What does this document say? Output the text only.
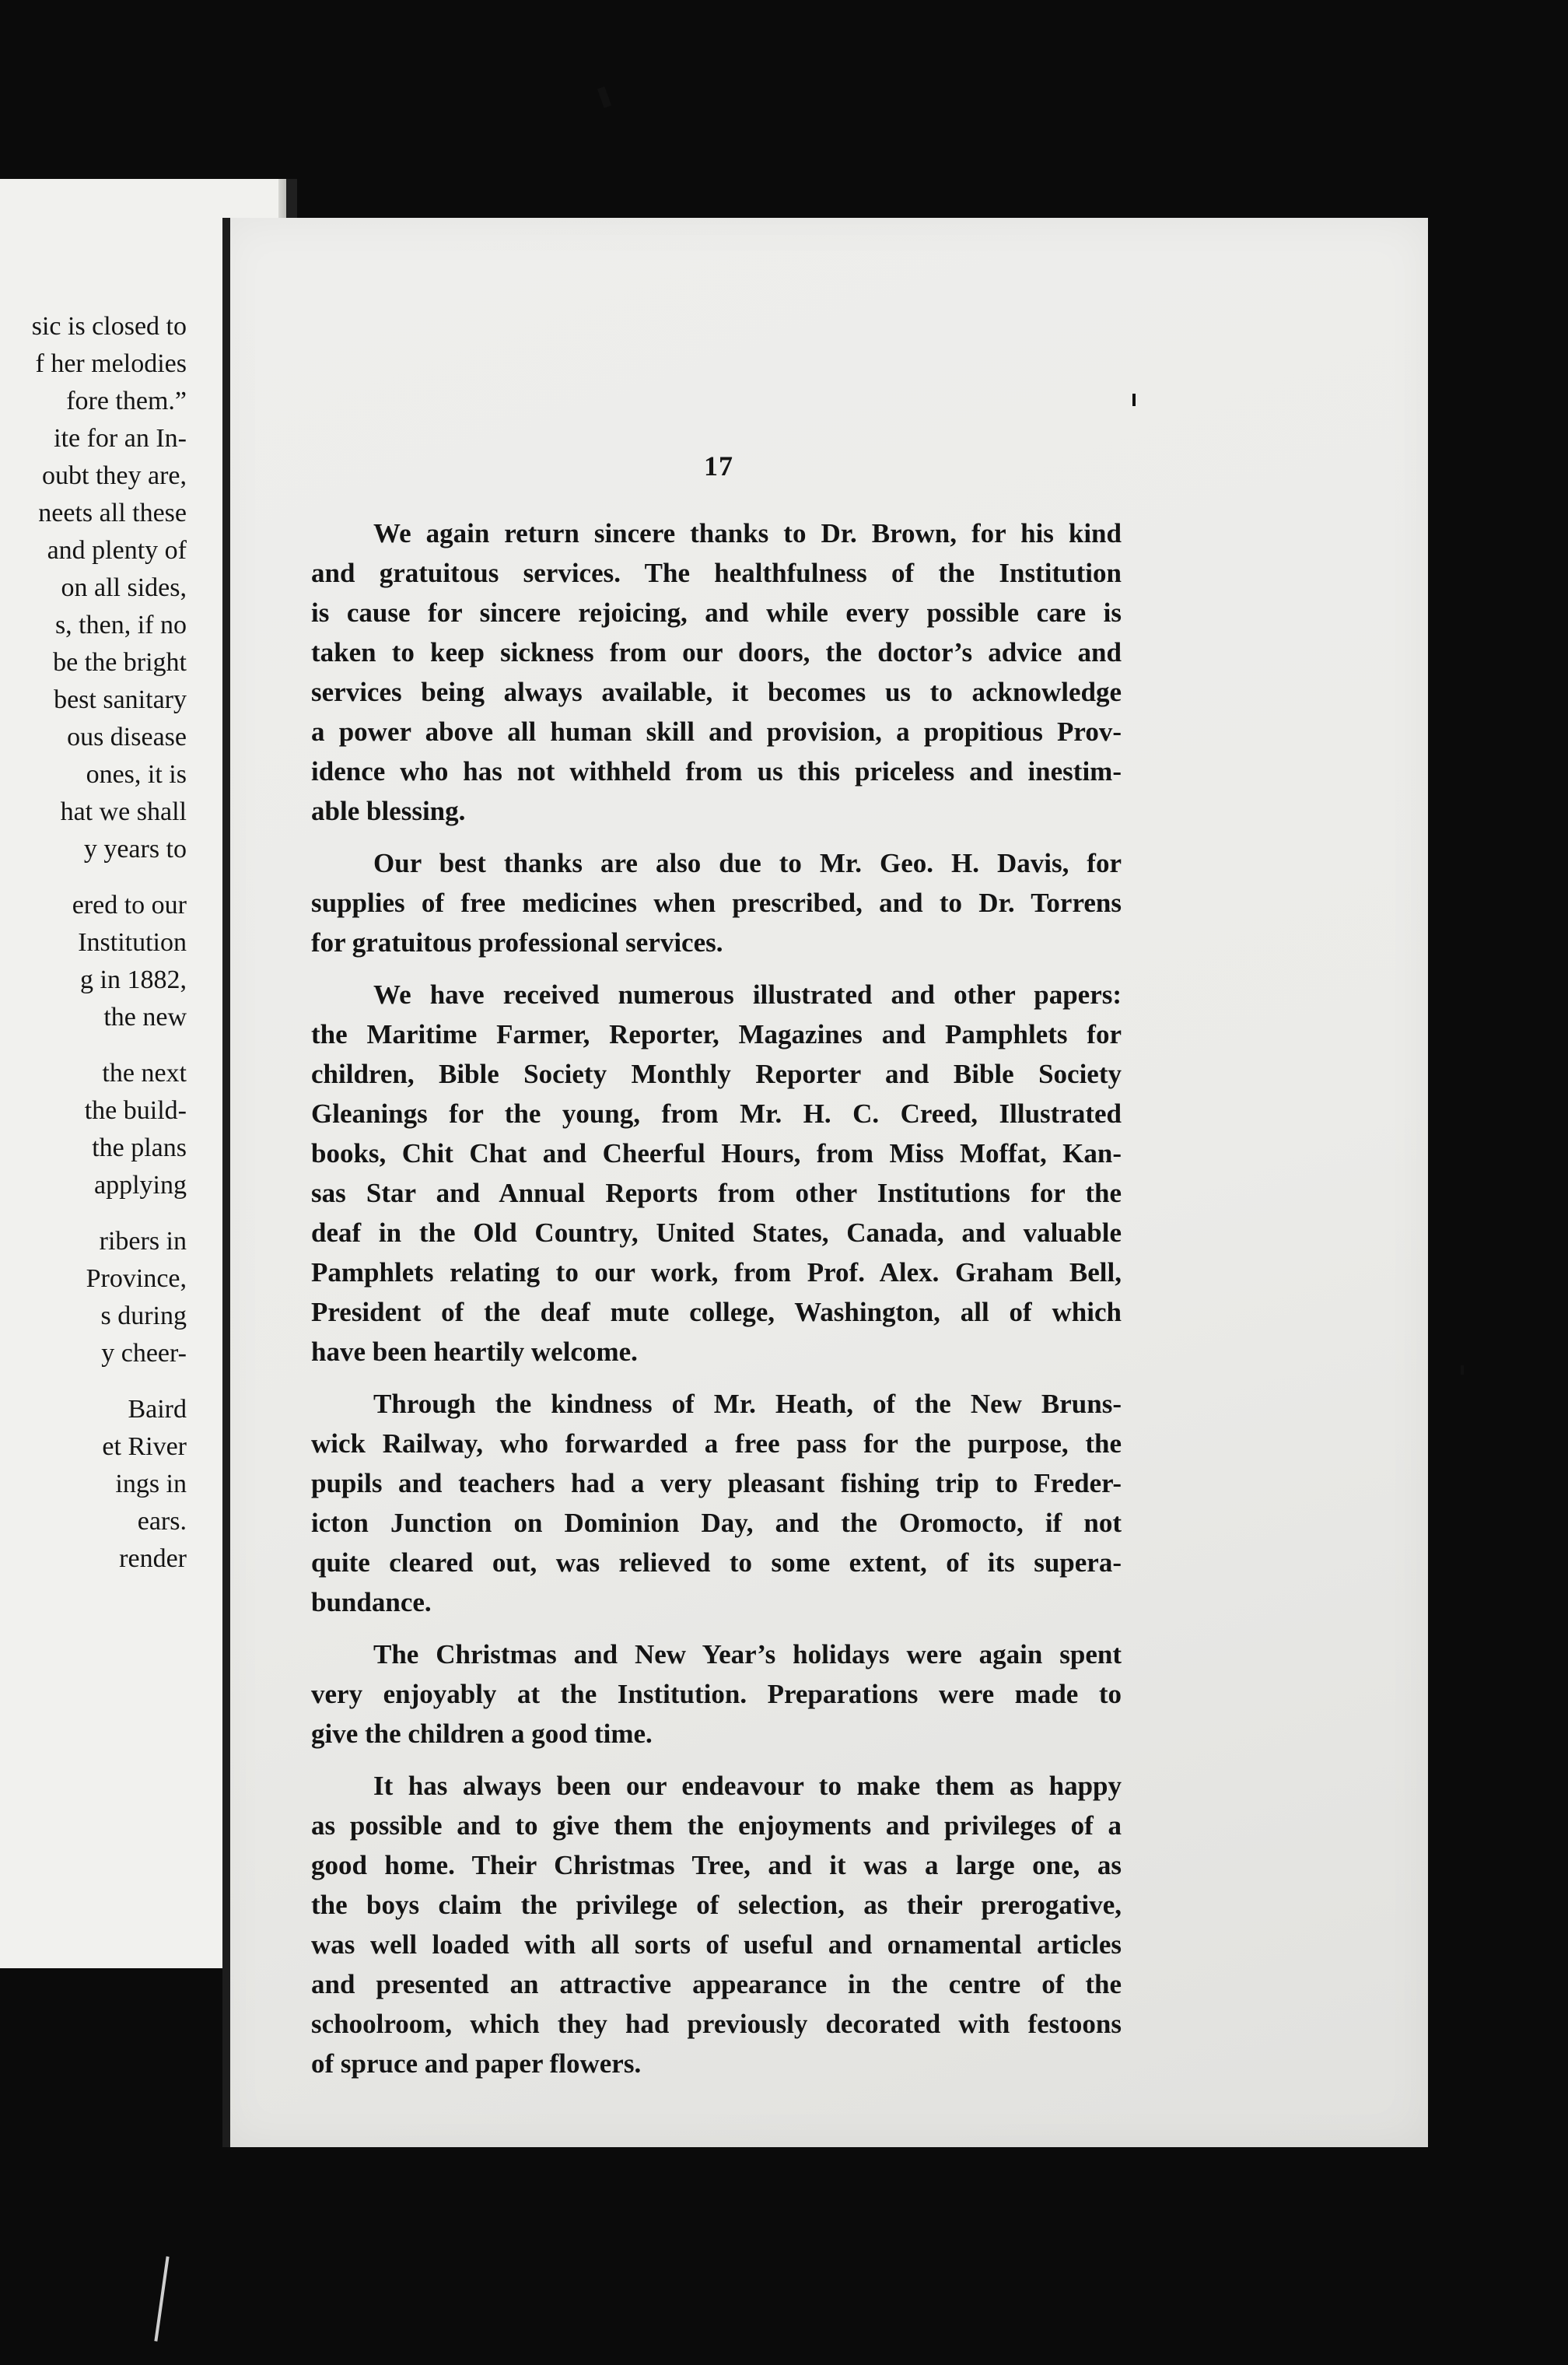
sic is closed to
f her melodies
fore them.”
ite for an In-
oubt they are,
neets all these
and plenty of
on all sides,
s, then, if no
be the bright
best sanitary
ous disease
ones, it is
hat we shall
y years to
ered to our
Institution
g in 1882,
the new
the next
the build-
the plans
applying
ribers in
Province,
s during
y cheer-
Baird
et River
ings in
ears.
render
17
We again return sincere thanks to Dr. Brown, for his kind
and gratuitous services. The healthfulness of the Institution
is cause for sincere rejoicing, and while every possible care is
taken to keep sickness from our doors, the doctor’s advice and
services being always available, it becomes us to acknowledge
a power above all human skill and provision, a propitious Prov-
idence who has not withheld from us this priceless and inestim-
able blessing.
Our best thanks are also due to Mr. Geo. H. Davis, for
supplies of free medicines when prescribed, and to Dr. Torrens
for gratuitous professional services.
We have received numerous illustrated and other papers:
the Maritime Farmer, Reporter, Magazines and Pamphlets for
children, Bible Society Monthly Reporter and Bible Society
Gleanings for the young, from Mr. H. C. Creed, Illustrated
books, Chit Chat and Cheerful Hours, from Miss Moffat, Kan-
sas Star and Annual Reports from other Institutions for the
deaf in the Old Country, United States, Canada, and valuable
Pamphlets relating to our work, from Prof. Alex. Graham Bell,
President of the deaf mute college, Washington, all of which
have been heartily welcome.
Through the kindness of Mr. Heath, of the New Bruns-
wick Railway, who forwarded a free pass for the purpose, the
pupils and teachers had a very pleasant fishing trip to Freder-
icton Junction on Dominion Day, and the Oromocto, if not
quite cleared out, was relieved to some extent, of its supera-
bundance.
The Christmas and New Year’s holidays were again spent
very enjoyably at the Institution. Preparations were made to
give the children a good time.
It has always been our endeavour to make them as happy
as possible and to give them the enjoyments and privileges of a
good home. Their Christmas Tree, and it was a large one, as
the boys claim the privilege of selection, as their prerogative,
was well loaded with all sorts of useful and ornamental articles
and presented an attractive appearance in the centre of the
schoolroom, which they had previously decorated with festoons
of spruce and paper flowers.
